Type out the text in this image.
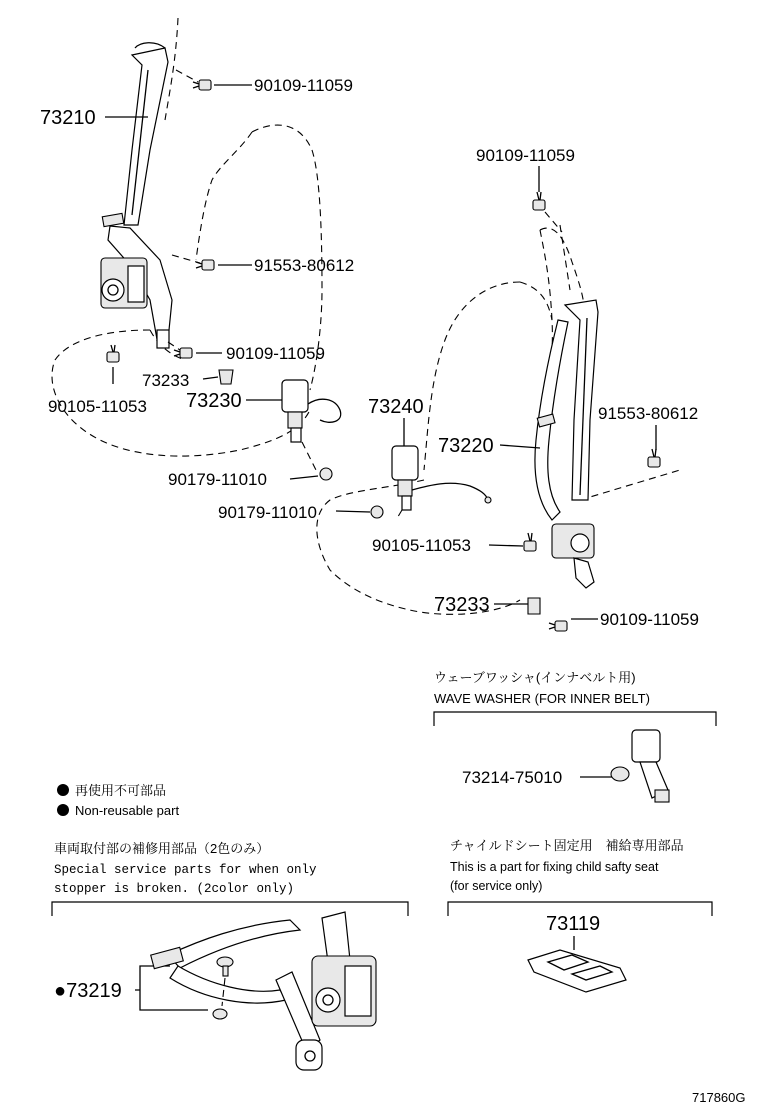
73210
90109-11059
91553-80612
90109-11059
73233
90105-11053 73230
90179-11010
90179-11010
73240
90109-11059
91553-80612
73220
90105-11053
73233
90109-11059
ウェーブワッシャ(インナベルト用)
WAVE WASHER (FOR INNER BELT)
73214-75010
再使用不可部品
Non-reusable part
車両取付部の補修用部品（2色のみ）
Special service parts for when only
stopper is broken. (2color only)
●73219
チャイルドシート固定用　補給専用部品
This is a part for fixing child safty seat
(for service only)
73119
717860G
